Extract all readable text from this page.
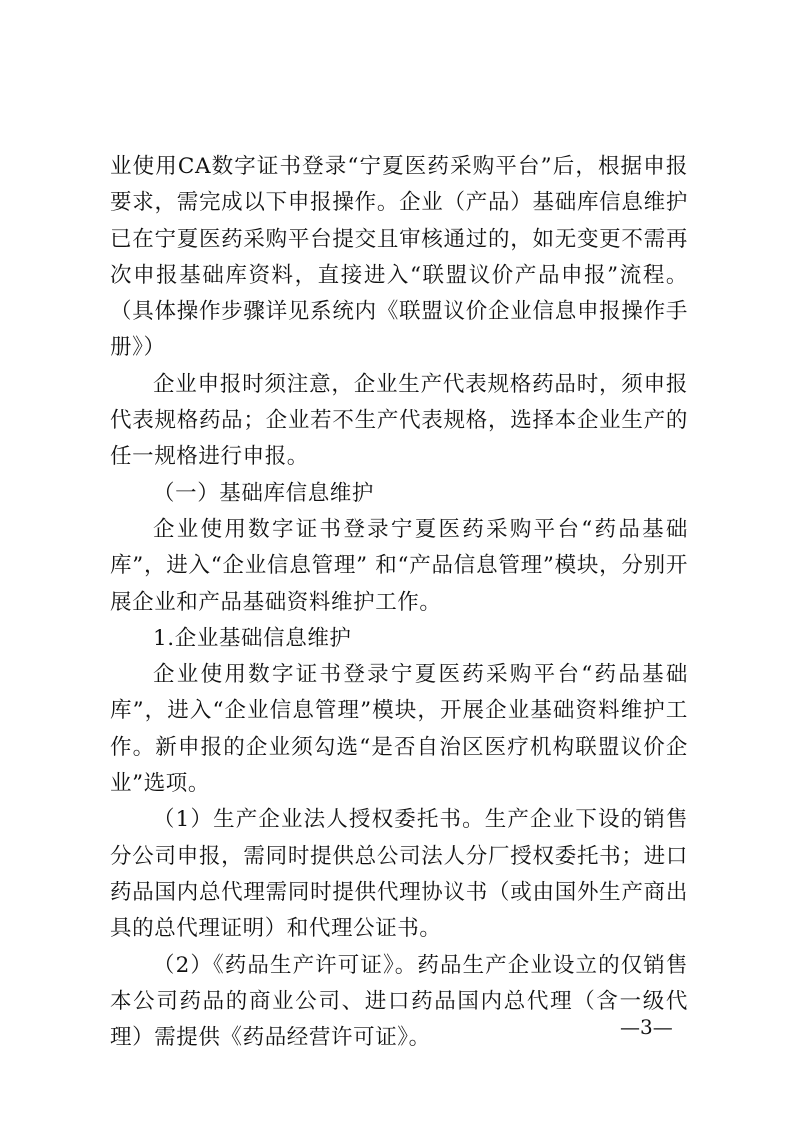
业使用CA数字证书登录“宁夏医药采购平台”后，根据申报要求，需完成以下申报操作。企业（产品）基础库信息维护已在宁夏医药采购平台提交且审核通过的，如无变更不需再次申报基础库资料，直接进入“联盟议价产品申报”流程。（具体操作步骤详见系统内《联盟议价企业信息申报操作手册》）

企业申报时须注意，企业生产代表规格药品时，须申报代表规格药品；企业若不生产代表规格，选择本企业生产的任一规格进行申报。

（一）基础库信息维护

企业使用数字证书登录宁夏医药采购平台“药品基础库”，进入“企业信息管理” 和“产品信息管理”模块，分别开展企业和产品基础资料维护工作。

1.企业基础信息维护

企业使用数字证书登录宁夏医药采购平台“药品基础库”，进入“企业信息管理”模块，开展企业基础资料维护工作。新申报的企业须勾选“是否自治区医疗机构联盟议价企业”选项。

（1）生产企业法人授权委托书。生产企业下设的销售分公司申报，需同时提供总公司法人分厂授权委托书；进口药品国内总代理需同时提供代理协议书（或由国外生产商出具的总代理证明）和代理公证书。

（2）《药品生产许可证》。药品生产企业设立的仅销售本公司药品的商业公司、进口药品国内总代理（含一级代理）需提供《药品经营许可证》。	—3—
